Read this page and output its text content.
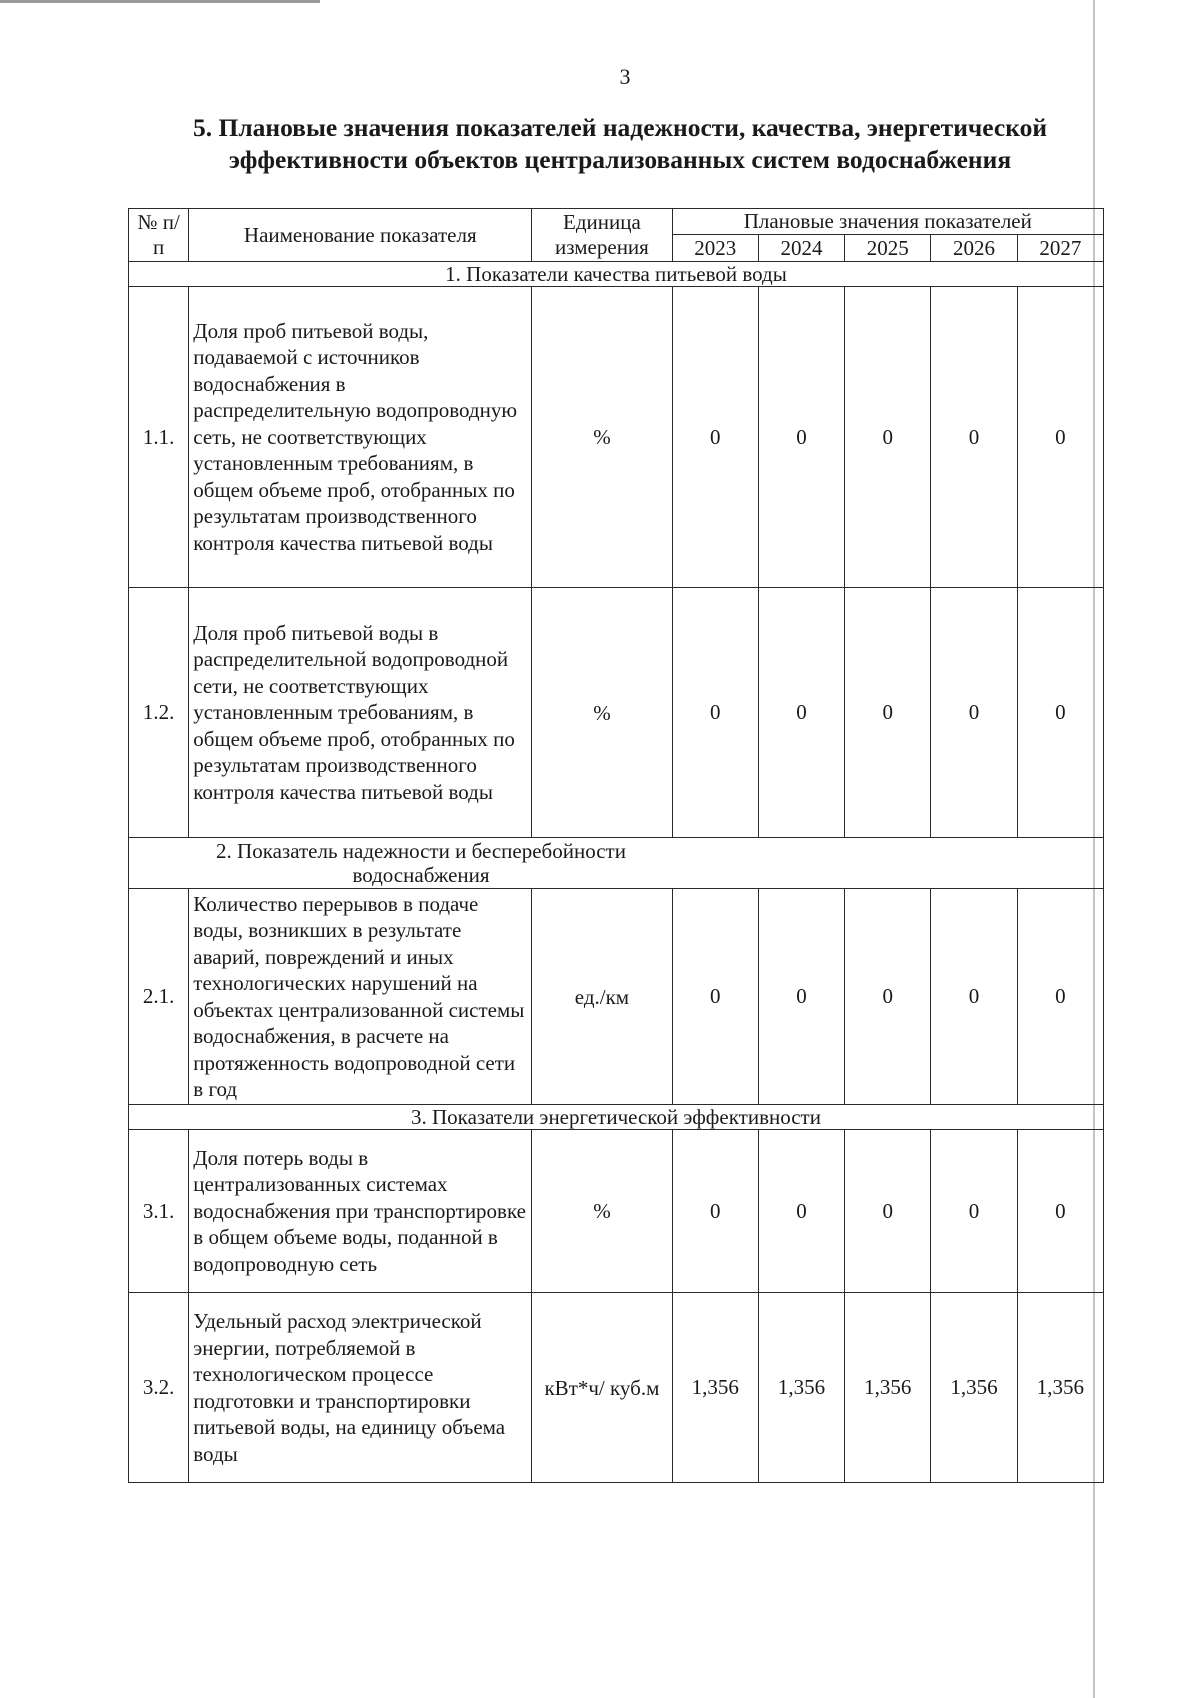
3
5. Плановые значения показателей надежности, качества, энергетической
эффективности объектов централизованных систем водоснабжения
№ п/п	Наименование показателя	Единица измерения	Плановые значения показателей				
			2023	2024	2025	2026	2027
1. Показатели качества питьевой воды							
1.1.	Доля проб питьевой воды, подаваемой с источников водоснабжения в распределительную водопроводную сеть, не соответствующих установленным требованиям, в общем объеме проб, отобранных по результатам производственного контроля качества питьевой воды	%	0	0	0	0	0
1.2.	Доля проб питьевой воды в распределительной водопроводной сети, не соответствующих установленным требованиям, в общем объеме проб, отобранных по результатам производственного контроля качества питьевой воды	%	0	0	0	0	0
2. Показатель надежности и бесперебойности водоснабжения							
2.1.	Количество перерывов в подаче воды, возникших в результате аварий, повреждений и иных технологических нарушений на объектах централизованной системы водоснабжения, в расчете на протяженность водопроводной сети в год	ед./км	0	0	0	0	0
3. Показатели энергетической эффективности							
3.1.	Доля потерь воды в централизованных системах водоснабжения при транспортировке в общем объеме воды, поданной в водопроводную сеть	%	0	0	0	0	0
3.2.	Удельный расход электрической энергии, потребляемой в технологическом процессе подготовки и транспортировки питьевой воды, на единицу объема воды	кВт*ч/ куб.м	1,356	1,356	1,356	1,356	1,356
